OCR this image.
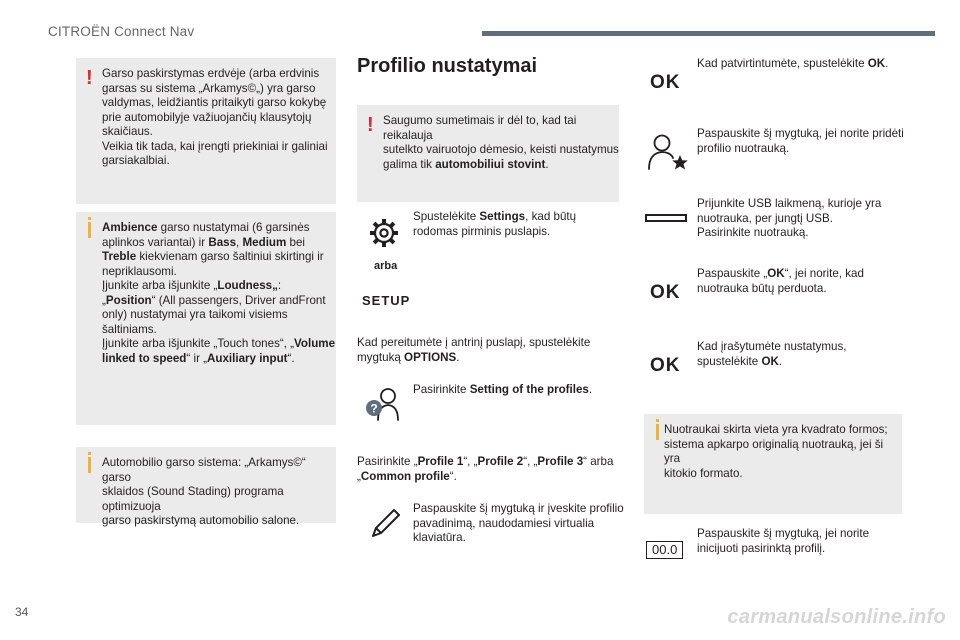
CITROËN Connect Nav
! Garso paskirstymas erdvėje (arba erdvinis
garsas su sistema „Arkamys©„) yra garso
valdymas, leidžiantis pritaikyti garso kokybę
prie automobilyje važiuojančių klausytojų
skaičiaus.
Veikia tik tada, kai įrengti priekiniai ir galiniai
garsiakalbiai.
Ambience garso nustatymai (6 garsinės
aplinkos variantai) ir Bass, Medium bei
Treble kiekvienam garso šaltiniui skirtingi ir
nepriklausomi.
Įjunkite arba išjunkite „Loudness„:
„Position“ (All passengers, Driver andFront
only) nustatymai yra taikomi visiems šaltiniams.
Įjunkite arba išjunkite „Touch tones“, „Volume
linked to speed“ ir „Auxiliary input“.
Automobilio garso sistema: „Arkamys©“ garso
sklaidos (Sound Stading) programa optimizuoja
garso paskirstymą automobilio salone.
Profilio nustatymai
! Saugumo sumetimais ir dėl to, kad tai reikalauja
sutelkto vairuotojo dėmesio, keisti nustatymus
galima tik automobiliui stovint.
Spustelėkite Settings, kad būtų
rodomas pirminis puslapis.
arba
SETUP
Kad pereitumėte į antrinį puslapį, spustelėkite
mygtuką OPTIONS.
?
Pasirinkite Setting of the profiles.
Pasirinkite „Profile 1“, „Profile 2“, „Profile 3“ arba
„Common profile“.
Paspauskite šį mygtuką ir įveskite profilio
pavadinimą, naudodamiesi virtualia
klaviatūra.
OK
Kad patvirtintumėte, spustelėkite OK.
Paspauskite šį mygtuką, jei norite pridėti
profilio nuotrauką.
Prijunkite USB laikmeną, kurioje yra
nuotrauka, per jungtį USB.
Pasirinkite nuotrauką.
OK
Paspauskite „OK“, jei norite, kad
nuotrauka būtų perduota.
OK
Kad įrašytumėte nustatymus,
spustelėkite OK.
Nuotraukai skirta vieta yra kvadrato formos;
sistema apkarpo originalią nuotrauką, jei ši yra
kitokio formato.
00.0
Paspauskite šį mygtuką, jei norite
inicijuoti pasirinktą profilį.
34	carmanualsonline.info
